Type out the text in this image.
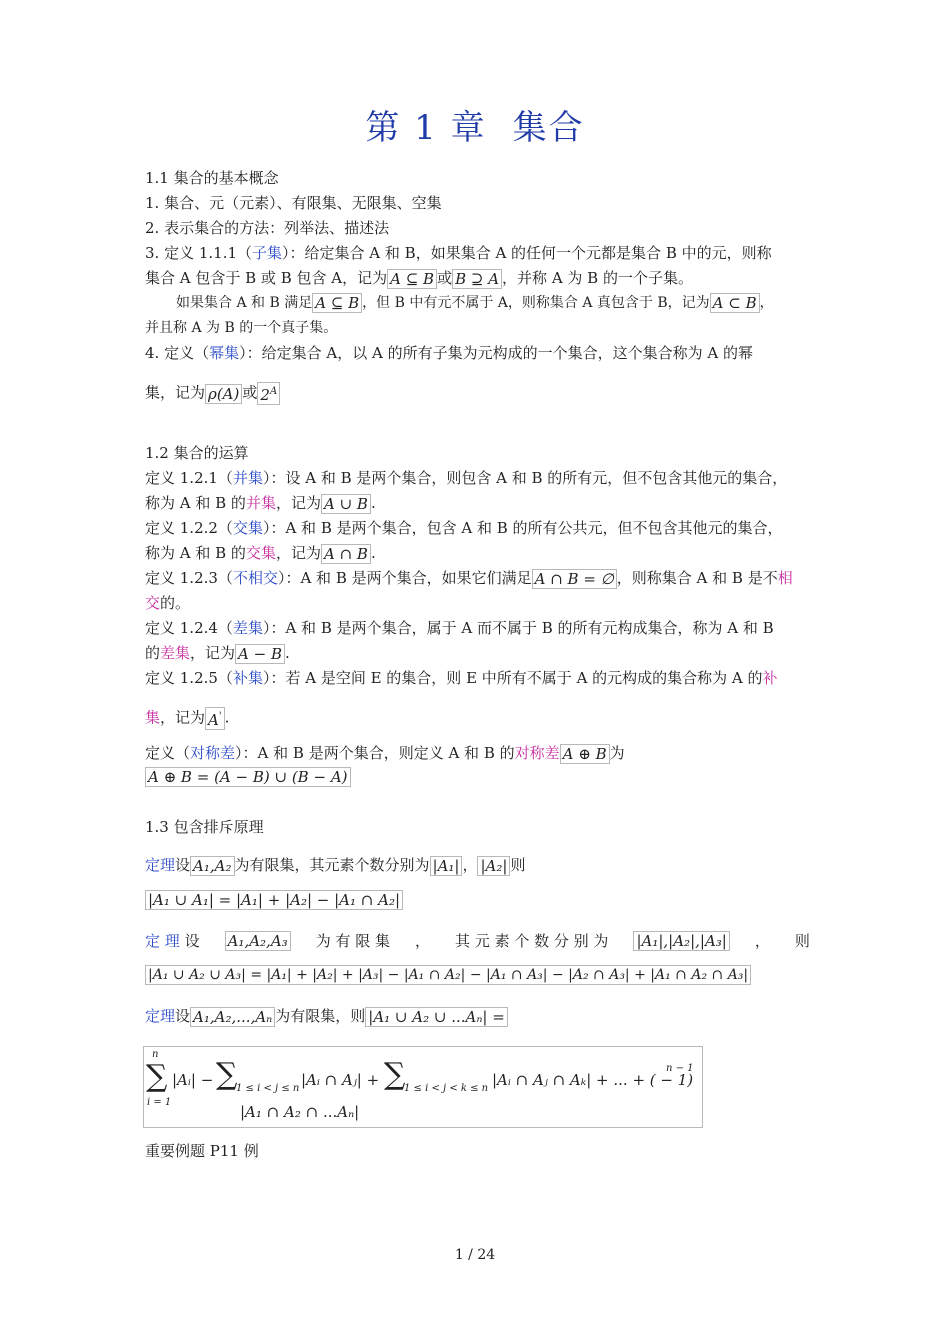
第 1 章 集合
1.1 集合的基本概念
1. 集合、元（元素）、有限集、无限集、空集
2. 表示集合的方法：列举法、描述法
3. 定义 1.1.1（子集）：给定集合 A 和 B，如果集合 A 的任何一个元都是集合 B 中的元，则称
集合 A 包含于 B 或 B 包含 A，记为 A ⊆ B 或 B ⊇ A ，并称 A 为 B 的一个子集。
如果集合 A 和 B 满足 A ⊆ B ，但 B 中有元不属于 A，则称集合 A 真包含于 B，记为 A ⊂ B ，
并且称 A 为 B 的一个真子集。
4. 定义（幂集）：给定集合 A，以 A 的所有子集为元构成的一个集合，这个集合称为 A 的幂
集，记为 ρ(A) 或 $2^A$
1.2 集合的运算
定义 1.2.1（并集）：设 A 和 B 是两个集合，则包含 A 和 B 的所有元，但不包含其他元的集合，
称为 A 和 B 的并集，记为 A ∪ B .
定义 1.2.2（交集）：A 和 B 是两个集合，包含 A 和 B 的所有公共元，但不包含其他元的集合，
称为 A 和 B 的交集，记为 A ∩ B .
定义 1.2.3（不相交）：A 和 B 是两个集合，如果它们满足 A ∩ B = ∅ ，则称集合 A 和 B 是不相
交的。
定义 1.2.4（差集）：A 和 B 是两个集合，属于 A 而不属于 B 的所有元构成集合，称为 A 和 B
的差集，记为 A − B .
定义 1.2.5（补集）：若 A 是空间 E 的集合，则 E 中所有不属于 A 的元构成的集合称为 A 的补
集，记为 A' .
定义（对称差）：A 和 B 是两个集合，则定义 A 和 B 的对称差 A ⊕ B 为
A ⊕ B = (A − B) ∪ (B − A)
1.3 包含排斥原理
定理设 A₁,A₂ 为有限集，其元素个数分别为 |A₁| ， |A₂| 则
|A₁ ∪ A₁| = |A₁| + |A₂| − |A₁ ∩ A₂|
定 理 设 A₁,A₂,A₃ 为 有 限 集 ， 其 元 素 个 数 分 别 为 |A₁|,|A₂|,|A₃| ， 则
|A₁ ∪ A₂ ∪ A₃| = |A₁| + |A₂| + |A₃| − |A₁ ∩ A₂| − |A₁ ∩ A₃| − |A₂ ∩ A₃| + |A₁ ∩ A₂ ∩ A₃|
定理设 A₁,A₂,...,Aₙ 为有限集，则 |A₁ ∪ A₂ ∪ ...Aₙ| =
n
∑
i = 1
|Aᵢ| − ∑
1 ≤ i < j ≤ n |Aᵢ ∩ Aⱼ| + ∑
1 ≤ i < j < k ≤ n |Aᵢ ∩ Aⱼ ∩ Aₖ| + ... + ( − 1)
n − 1
|A₁ ∩ A₂ ∩ ...Aₙ|
重要例题 P11 例
1 / 24
